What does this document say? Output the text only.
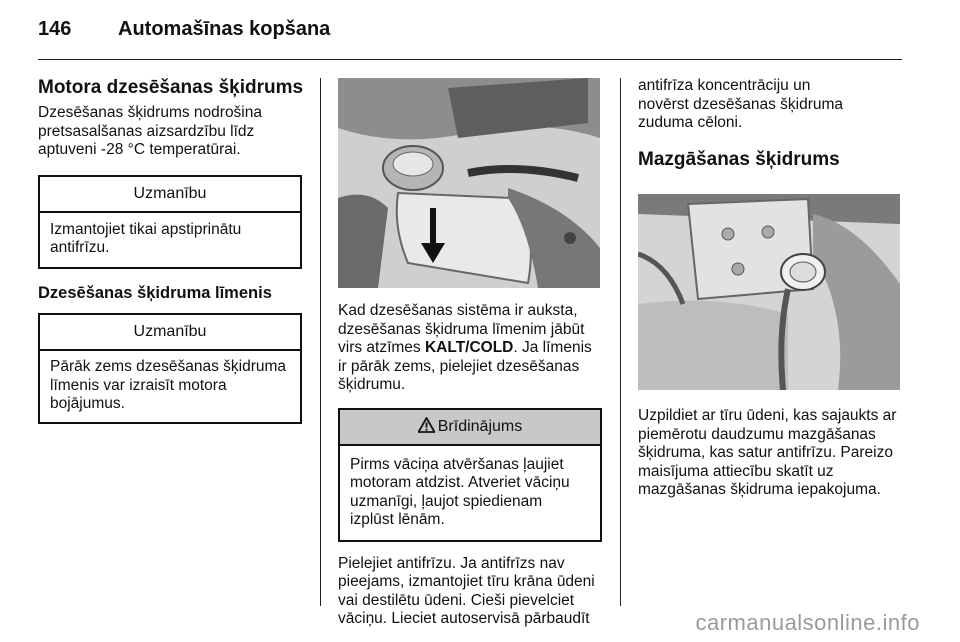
146 Automašīnas kopšana
Motora dzesēšanas šķidrums

Dzesēšanas šķidrums nodrošina pretsasalšanas aizsardzību līdz aptuveni -28 °C temperatūrai.

Uzmanību
Izmantojiet tikai apstiprinātu antifrīzu.
Dzesēšanas šķidruma līmenis
Uzmanību
Pārāk zems dzesēšanas šķidruma līmenis var izraisīt motora bojājumus.

Kad dzesēšanas sistēma ir auksta, dzesēšanas šķidruma līmenim jābūt virs atzīmes KALT/COLD. Ja līmenis ir pārāk zems, pielejiet dzesēšanas šķidrumu.

Brīdinājums
Pirms vāciņa atvēršanas ļaujiet motoram atdzist. Atveriet vāciņu uzmanīgi, ļaujot spiedienam izplūst lēnām.

Pielejiet antifrīzu. Ja antifrīzs nav pieejams, izmantojiet tīru krāna ūdeni vai destilētu ūdeni. Cieši pievelciet vāciņu. Lieciet autoservisā pārbaudīt

antifrīza koncentrāciju un novērst dzesēšanas šķidruma zuduma cēloni.

Mazgāšanas šķidrums

Uzpildiet ar tīru ūdeni, kas sajaukts ar piemērotu daudzumu mazgāšanas šķidruma, kas satur antifrīzu. Pareizo maisījuma attiecību skatīt uz mazgāšanas šķidruma iepakojuma.

carmanualsonline.info
